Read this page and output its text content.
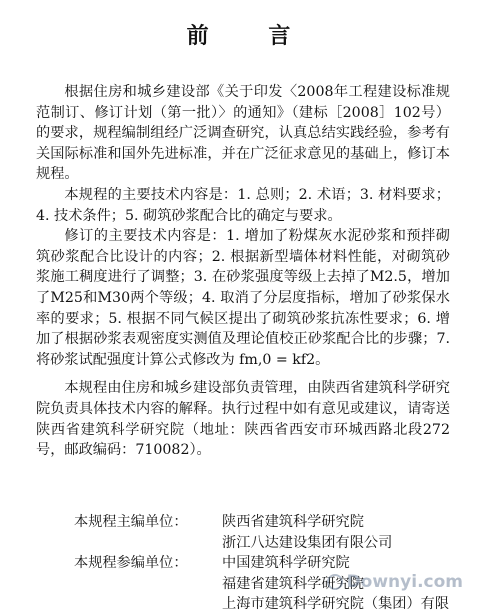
前 言

根据住房和城乡建设部《关于印发〈2008年工程建设标准规范制订、修订计划（第一批）〉的通知》（建标［2008］102号）的要求，规程编制组经广泛调查研究，认真总结实践经验，参考有关国际标准和国外先进标准，并在广泛征求意见的基础上，修订本规程。

本规程的主要技术内容是：1. 总则；2. 术语；3. 材料要求；4. 技术条件；5. 砌筑砂浆配合比的确定与要求。

修订的主要技术内容是：1. 增加了粉煤灰水泥砂浆和预拌砌筑砂浆配合比设计的内容；2. 根据新型墙体材料性能，对砌筑砂浆施工稠度进行了调整；3. 在砂浆强度等级上去掉了M2.5，增加了M25和M30两个等级；4. 取消了分层度指标，增加了砂浆保水率的要求；5. 根据不同气候区提出了砌筑砂浆抗冻性要求；6. 增加了根据砂浆表观密度实测值及理论值校正砂浆配合比的步骤；7. 将砂浆试配强度计算公式修改为 fm,0 = kf2。

本规程由住房和城乡建设部负责管理，由陕西省建筑科学研究院负责具体技术内容的解释。执行过程中如有意见或建议，请寄送陕西省建筑科学研究院（地址：陕西省西安市环城西路北段272号，邮政编码：710082）。

本规程主编单位：	陕西省建筑科学研究院
浙江八达建设集团有限公司
本规程参编单位：	中国建筑科学研究院
福建省建筑科学研究院
上海市建筑科学研究院（集团）有限
Downyi.com
